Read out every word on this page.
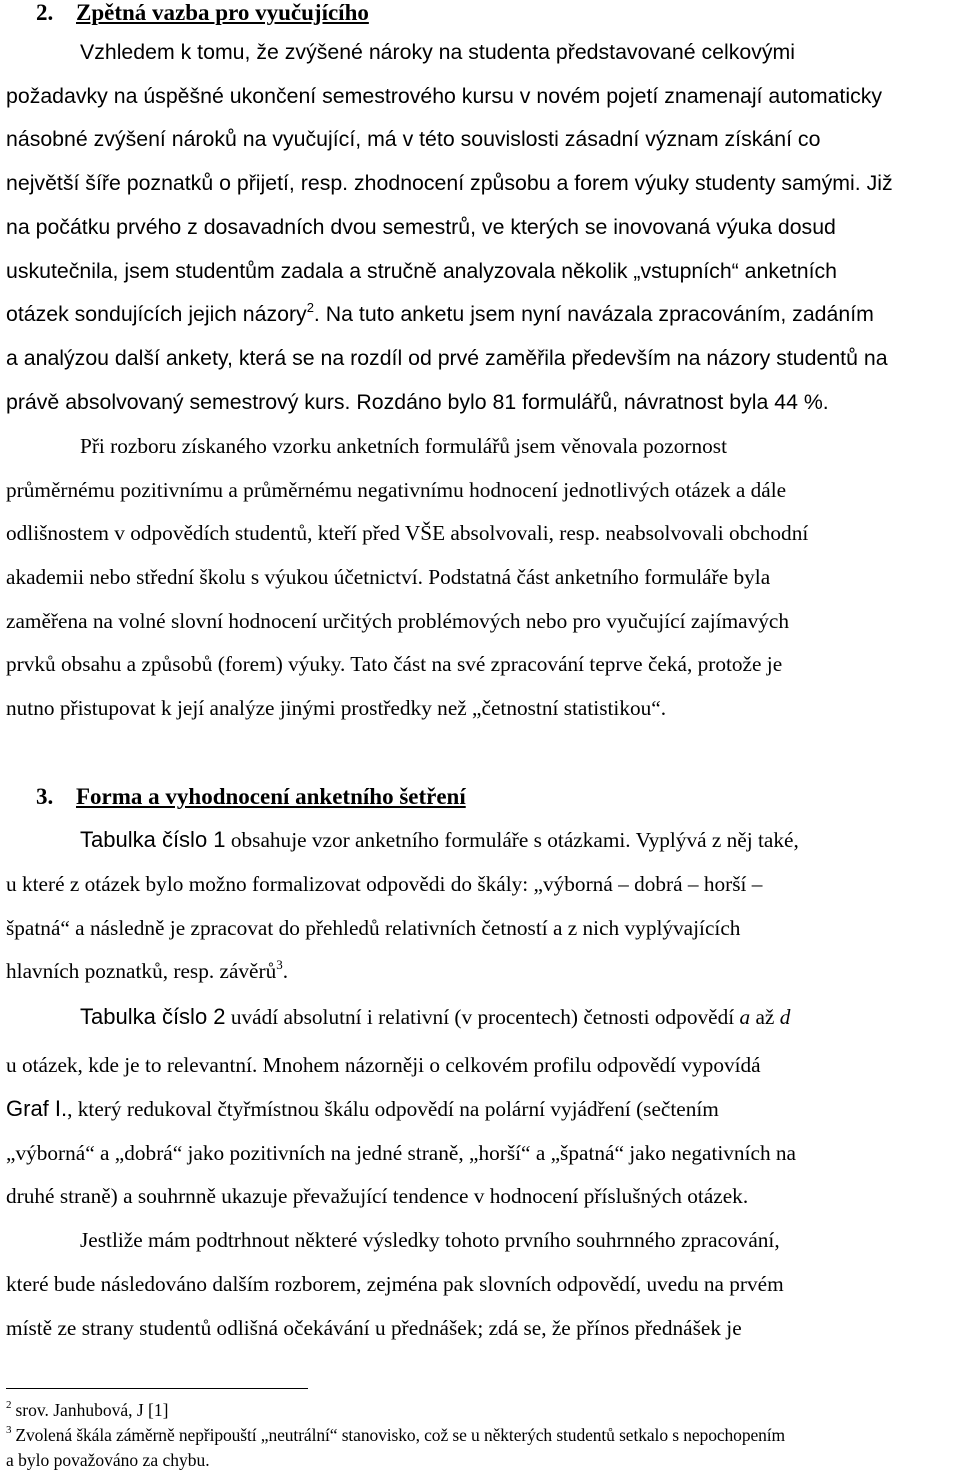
2. Zpětná vazba pro vyučujícího
Vzhledem k tomu, že zvýšené nároky na studenta představované celkovými
požadavky na úspěšné ukončení semestrového kursu v novém pojetí znamenají automaticky
násobné zvýšení nároků na vyučující, má v této souvislosti zásadní význam získání co
největší šíře poznatků o přijetí, resp. zhodnocení způsobu a forem výuky studenty samými. Již
na počátku prvého z dosavadních dvou semestrů, ve kterých se inovovaná výuka dosud
uskutečnila, jsem studentům zadala a stručně analyzovala několik „vstupních“ anketních
otázek sondujících jejich názory$^2$. Na tuto anketu jsem nyní navázala zpracováním, zadáním
a analýzou další ankety, která se na rozdíl od prvé zaměřila především na názory studentů na
právě absolvovaný semestrový kurs. Rozdáno bylo 81 formulářů, návratnost byla 44 %.
Při rozboru získaného vzorku anketních formulářů jsem věnovala pozornost
průměrnému pozitivnímu a průměrnému negativnímu hodnocení jednotlivých otázek a dále
odlišnostem v odpovědích studentů, kteří před VŠE absolvovali, resp. neabsolvovali obchodní
akademii nebo střední školu s výukou účetnictví. Podstatná část anketního formuláře byla
zaměřena na volné slovní hodnocení určitých problémových nebo pro vyučující zajímavých
prvků obsahu a způsobů (forem) výuky. Tato část na své zpracování teprve čeká, protože je
nutno přistupovat k její analýze jinými prostředky než „četnostní statistikou“.
3. Forma a vyhodnocení anketního šetření
Tabulka číslo 1 obsahuje vzor anketního formuláře s otázkami. Vyplývá z něj také,
u které z otázek bylo možno formalizovat odpovědi do škály: „výborná – dobrá – horší –
špatná“ a následně je zpracovat do přehledů relativních četností a z nich vyplývajících
hlavních poznatků, resp. závěrů$^3$.
Tabulka číslo 2 uvádí absolutní i relativní (v procentech) četnosti odpovědí a až d
u otázek, kde je to relevantní. Mnohem názorněji o celkovém profilu odpovědí vypovídá
Graf I., který redukoval čtyřmístnou škálu odpovědí na polární vyjádření (sečtením
„výborná“ a „dobrá“ jako pozitivních na jedné straně, „horší“ a „špatná“ jako negativních na
druhé straně) a souhrnně ukazuje převažující tendence v hodnocení příslušných otázek.
Jestliže mám podtrhnout některé výsledky tohoto prvního souhrnného zpracování,
které bude následováno dalším rozborem, zejména pak slovních odpovědí, uvedu na prvém
místě ze strany studentů odlišná očekávání u přednášek; zdá se, že přínos přednášek je
$^2$ srov. Janhubová, J [1]
$^3$ Zvolená škála záměrně nepřipouští „neutrální“ stanovisko, což se u některých studentů setkalo s nepochopením
a bylo považováno za chybu.
